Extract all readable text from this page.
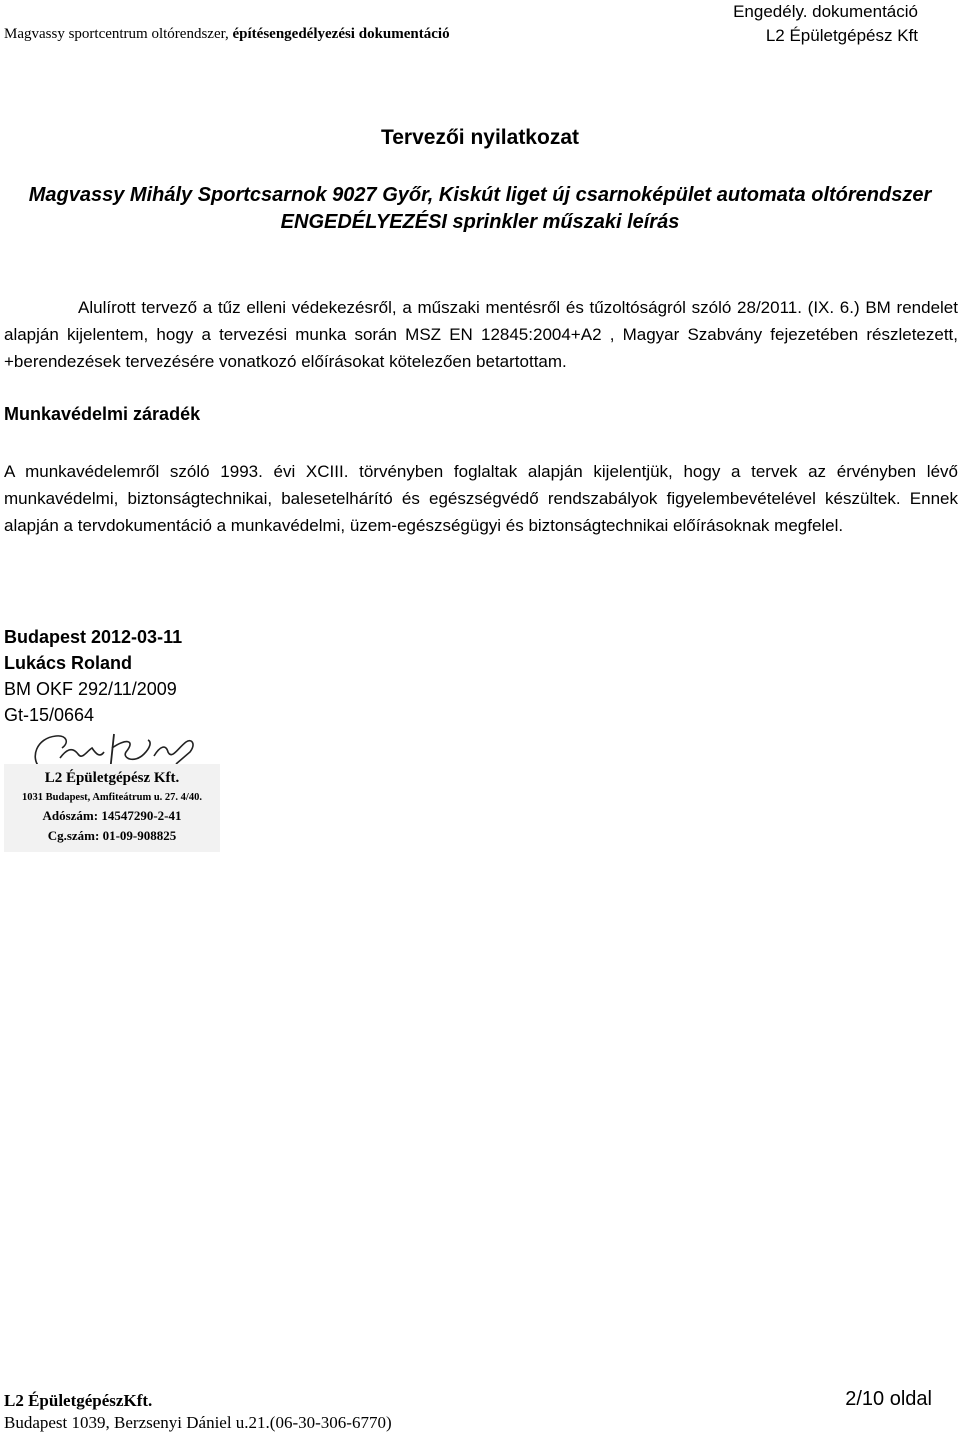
Magvassy sportcentrum oltórendszer, építésengedélyezési dokumentáció
Engedély. dokumentáció
L2 Épületgépész Kft
Tervezői nyilatkozat
Magvassy Mihály Sportcsarnok 9027 Győr, Kiskút liget új csarnoképület automata oltórendszer
ENGEDÉLYEZÉSI sprinkler műszaki leírás
Alulírott tervező a tűz elleni védekezésről, a műszaki mentésről és tűzoltóságról szóló 28/2011. (IX. 6.) BM rendelet alapján kijelentem, hogy a tervezési munka során MSZ EN 12845:2004+A2 , Magyar Szabvány fejezetében részletezett, +berendezések tervezésére vonatkozó előírásokat kötelezően betartottam.
Munkavédelmi záradék
A munkavédelemről szóló 1993. évi XCIII. törvényben foglaltak alapján kijelentjük, hogy a tervek az érvényben lévő munkavédelmi, biztonságtechnikai, balesetelhárító és egészségvédő rendszabályok figyelembevételével készültek. Ennek alapján a tervdokumentáció a munkavédelmi, üzem-egészségügyi és biztonságtechnikai előírásoknak megfelel.
Budapest 2012-03-11
Lukács Roland
BM OKF 292/11/2009
Gt-15/0664
L2 Épületgépész Kft.
1031 Budapest, Amfiteátrum u. 27. 4/40.
Adószám: 14547290-2-41
Cg.szám: 01-09-908825
L2 ÉpületgépészKft.
Budapest 1039, Berzsenyi Dániel u.21.(06-30-306-6770)
2/10 oldal
